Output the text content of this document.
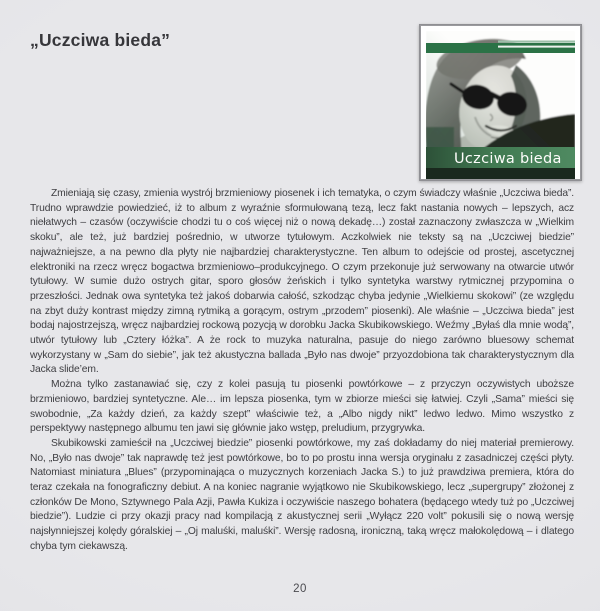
„Uczciwa bieda”
Uczciwa bieda

Zmieniają się czasy, zmienia wystrój brzmieniowy piosenek i ich tematyka, o czym świadczy właśnie „Uczciwa bieda”. Trudno wprawdzie powiedzieć, iż to album z wyraźnie sformułowaną tezą, lecz fakt nastania nowych – lepszych, acz niełatwych – czasów (oczywiście chodzi tu o coś więcej niż o nową dekadę…) został zaznaczony zwłaszcza w „Wielkim skoku”, ale też, już bardziej pośrednio, w utworze tytułowym. Aczkolwiek nie teksty są na „Uczciwej biedzie” najważniejsze, a na pewno dla płyty nie najbardziej charakterystyczne. Ten album to odejście od prostej, ascetycznej elektroniki na rzecz wręcz bogactwa brzmieniowo–produkcyjnego. O czym przekonuje już serwowany na otwarcie utwór tytułowy. W sumie dużo ostrych gitar, sporo głosów żeńskich i tylko syntetyka warstwy rytmicznej przypomina o przeszłości. Jednak owa syntetyka też jakoś dobarwia całość, szkodząc chyba jedynie „Wielkiemu skokowi” (ze względu na zbyt duży kontrast między zimną rytmiką a gorącym, ostrym „przodem” piosenki). Ale właśnie – „Uczciwa bieda” jest bodaj najostrzejszą, wręcz najbardziej rockową pozycją w dorobku Jacka Skubikowskiego. Weźmy „Byłaś dla mnie wodą”, utwór tytułowy lub „Cztery łóżka”. A że rock to muzyka naturalna, pasuje do niego zarówno bluesowy schemat wykorzystany w „Sam do siebie”, jak też akustyczna ballada „Było nas dwoje” przyozdobiona tak charakterystycznym dla Jacka slide’em.

Można tylko zastanawiać się, czy z kolei pasują tu piosenki powtórkowe – z przyczyn oczywistych uboższe brzmieniowo, bardziej syntetyczne. Ale… im lepsza piosenka, tym w zbiorze mieści się łatwiej. Czyli „Sama” mieści się swobodnie, „Za każdy dzień, za każdy szept” właściwie też, a „Albo nigdy nikt” ledwo ledwo. Mimo wszystko z perspektywy następnego albumu ten jawi się głównie jako wstęp, preludium, przygrywka.

Skubikowski zamieścił na „Uczciwej biedzie” piosenki powtórkowe, my zaś dokładamy do niej materiał premierowy. No, „Było nas dwoje” tak naprawdę też jest powtórkowe, bo to po prostu inna wersja oryginału z zasadniczej części płyty. Natomiast miniatura „Blues” (przypominająca o muzycznych korzeniach Jacka S.) to już prawdziwa premiera, która do teraz czekała na fonograficzny debiut. A na koniec nagranie wyjątkowo nie Skubikowskiego, lecz „supergrupy” złożonej z członków De Mono, Sztywnego Pala Azji, Pawła Kukiza i oczywiście naszego bohatera (będącego wtedy tuż po „Uczciwej biedzie”). Ludzie ci przy okazji pracy nad kompilacją z akustycznej serii „Wyłącz 220 volt” pokusili się o nową wersję najsłynniejszej kolędy góralskiej – „Oj maluśki, maluśki”. Wersję radosną, ironiczną, taką wręcz małokolędową – i dlatego chyba tym ciekawszą.

20
